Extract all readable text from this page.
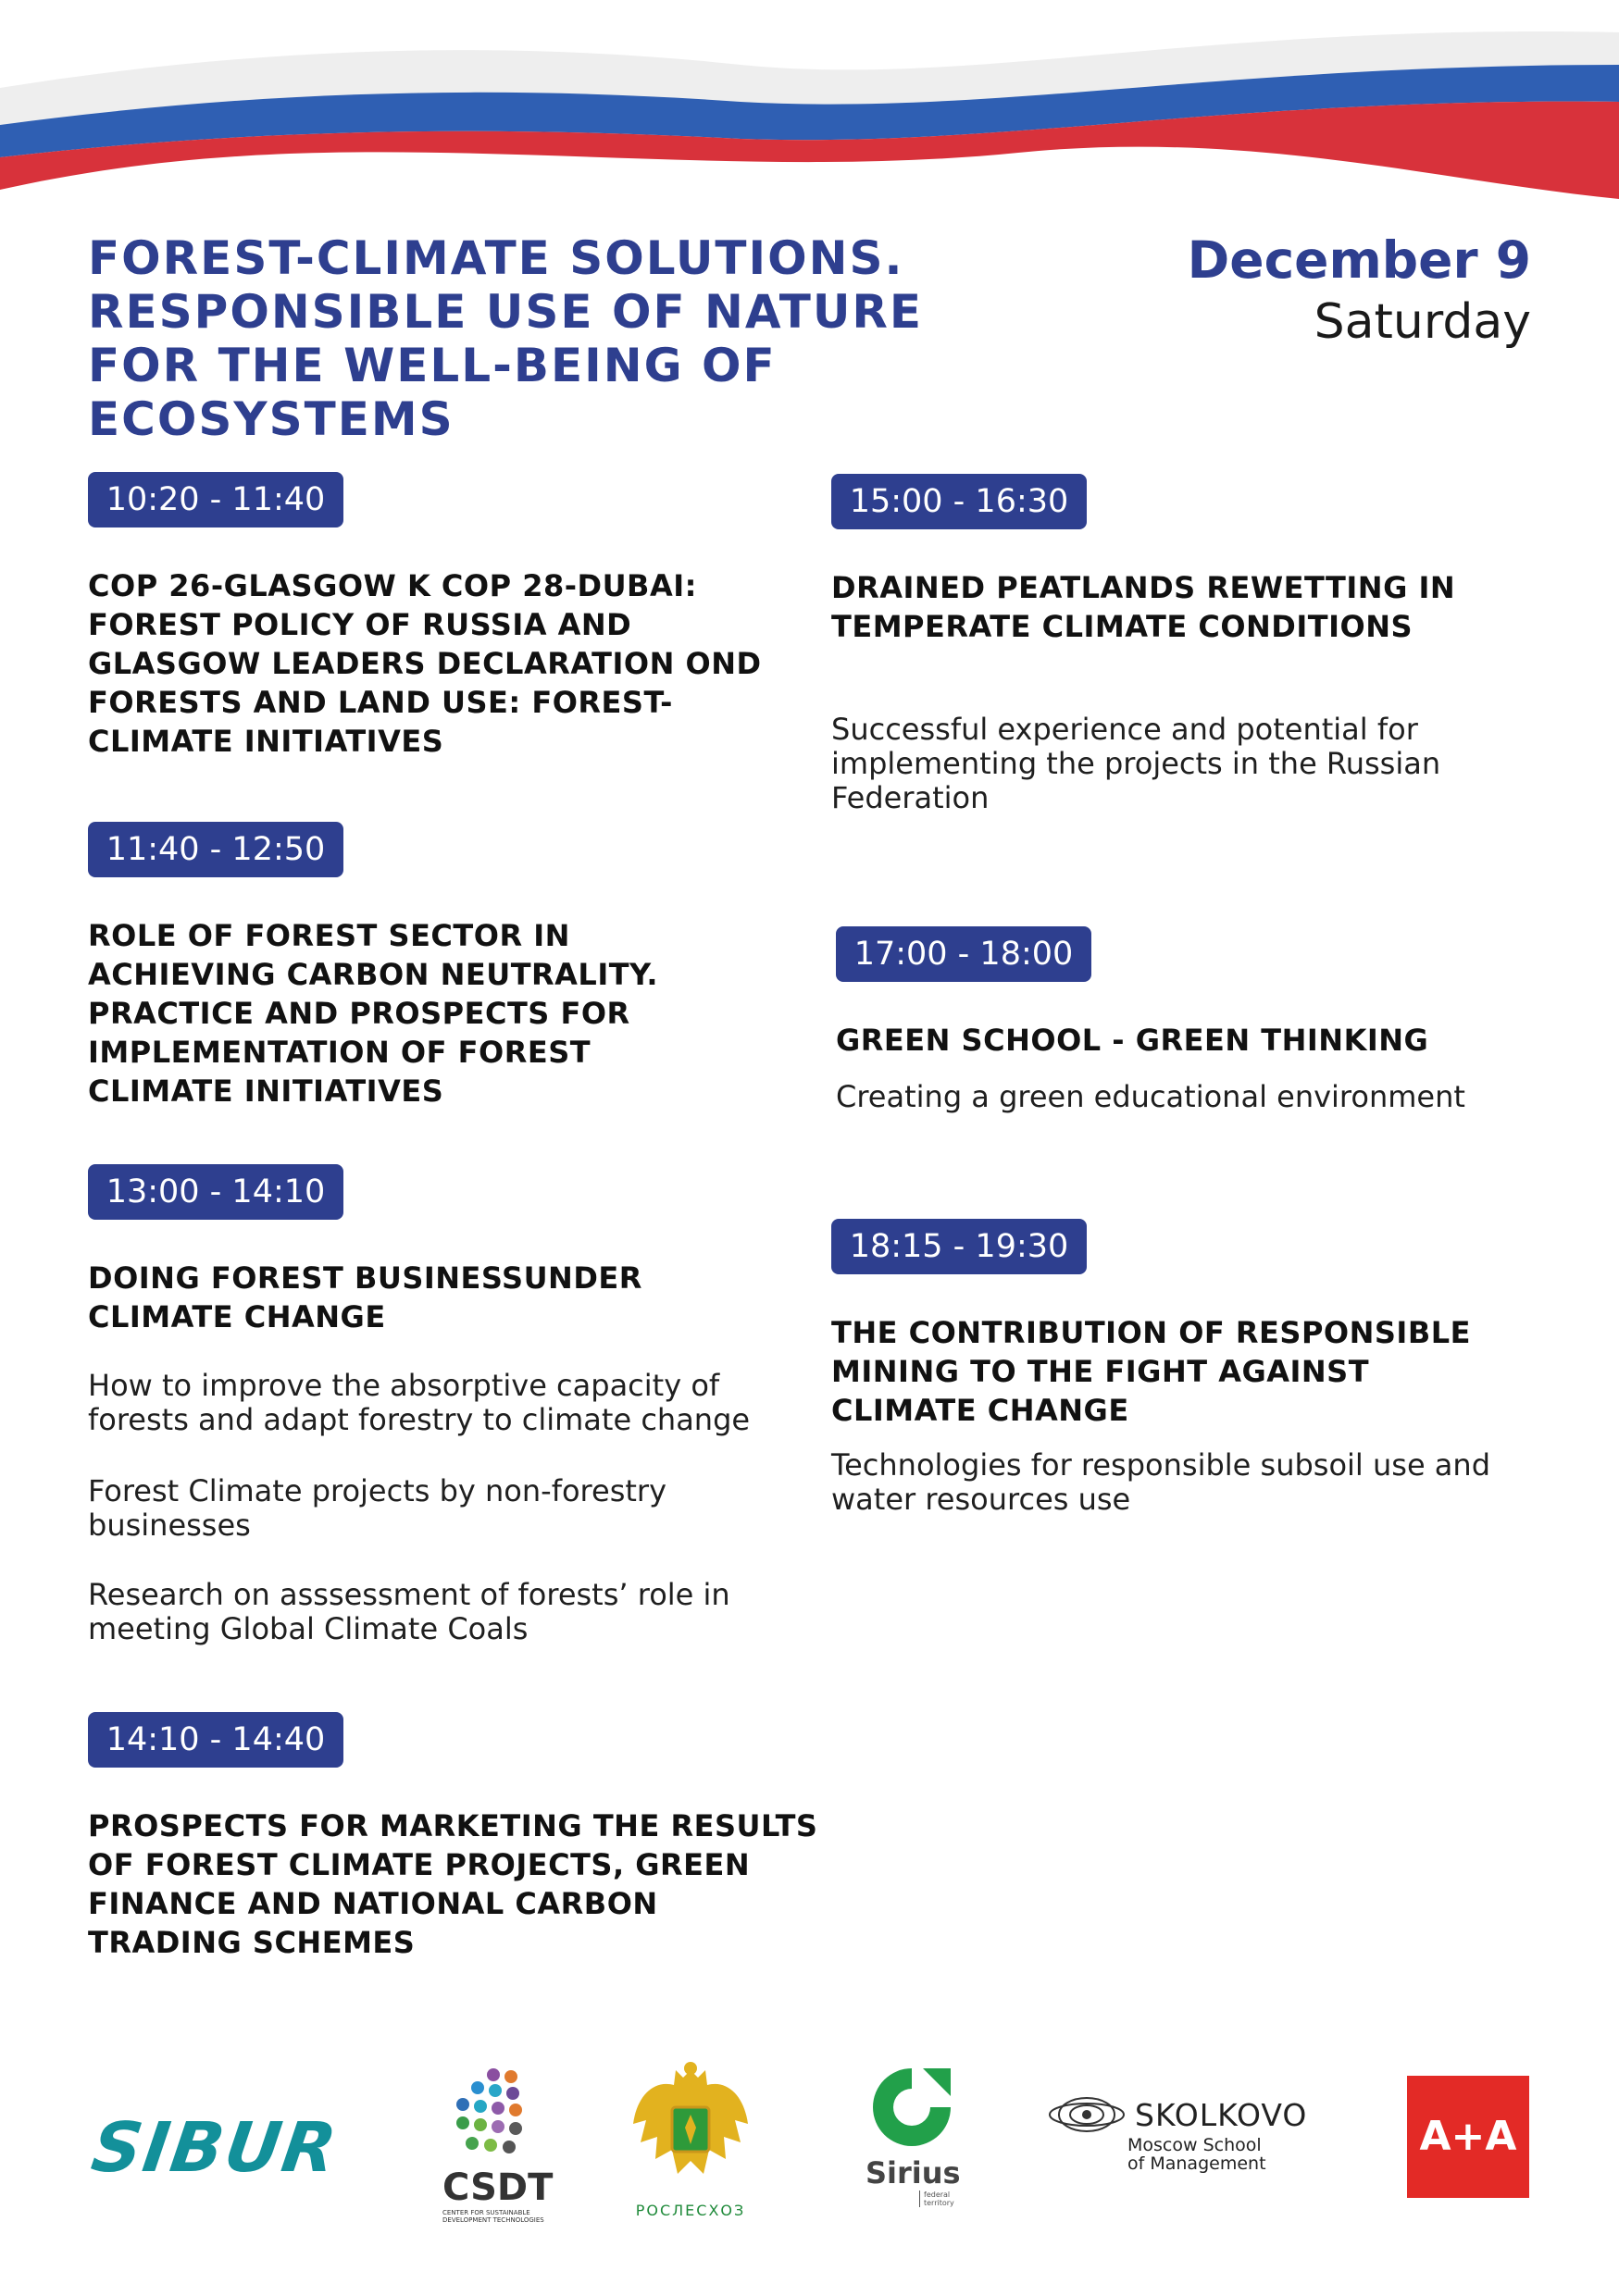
FOREST-CLIMATE SOLUTIONS. RESPONSIBLE USE OF NATURE FOR THE WELL-BEING OF ECOSYSTEMS
December 9
Saturday
10:20 - 11:40
COP 26-GLASGOW K COP 28-DUBAI: FOREST POLICY OF RUSSIA AND GLASGOW LEADERS DECLARATION OND FORESTS AND LAND USE: FOREST-CLIMATE INITIATIVES
11:40 - 12:50
ROLE OF FOREST SECTOR IN ACHIEVING CARBON NEUTRALITY. PRACTICE AND PROSPECTS FOR IMPLEMENTATION OF FOREST CLIMATE INITIATIVES
13:00 - 14:10
DOING FOREST BUSINESSUNDER CLIMATE CHANGE
How to improve the absorptive capacity of forests and adapt forestry to climate change
Forest Climate projects by non-forestry businesses
Research on asssessment of forests’ role in meeting Global Climate Coals
14:10 - 14:40
PROSPECTS FOR MARKETING THE RESULTS OF FOREST CLIMATE PROJECTS, GREEN FINANCE AND NATIONAL CARBON TRADING SCHEMES
15:00 - 16:30
DRAINED PEATLANDS REWETTING IN TEMPERATE CLIMATE CONDITIONS
Successful experience and potential for implementing the projects in the Russian Federation
17:00 - 18:00
GREEN SCHOOL - GREEN THINKING
Creating a green educational environment
18:15 - 19:30
THE CONTRIBUTION OF RESPONSIBLE MINING TO THE FIGHT AGAINST CLIMATE CHANGE
Technologies for responsible subsoil use and water resources use
SIBUR	CSDT
CENTER FOR SUSTAINABLE DEVELOPMENT TECHNOLOGIES
РОСЛЕСХОЗ
Sirius
federal territory
SKOLKOVO
Moscow School
of Management
A+A
